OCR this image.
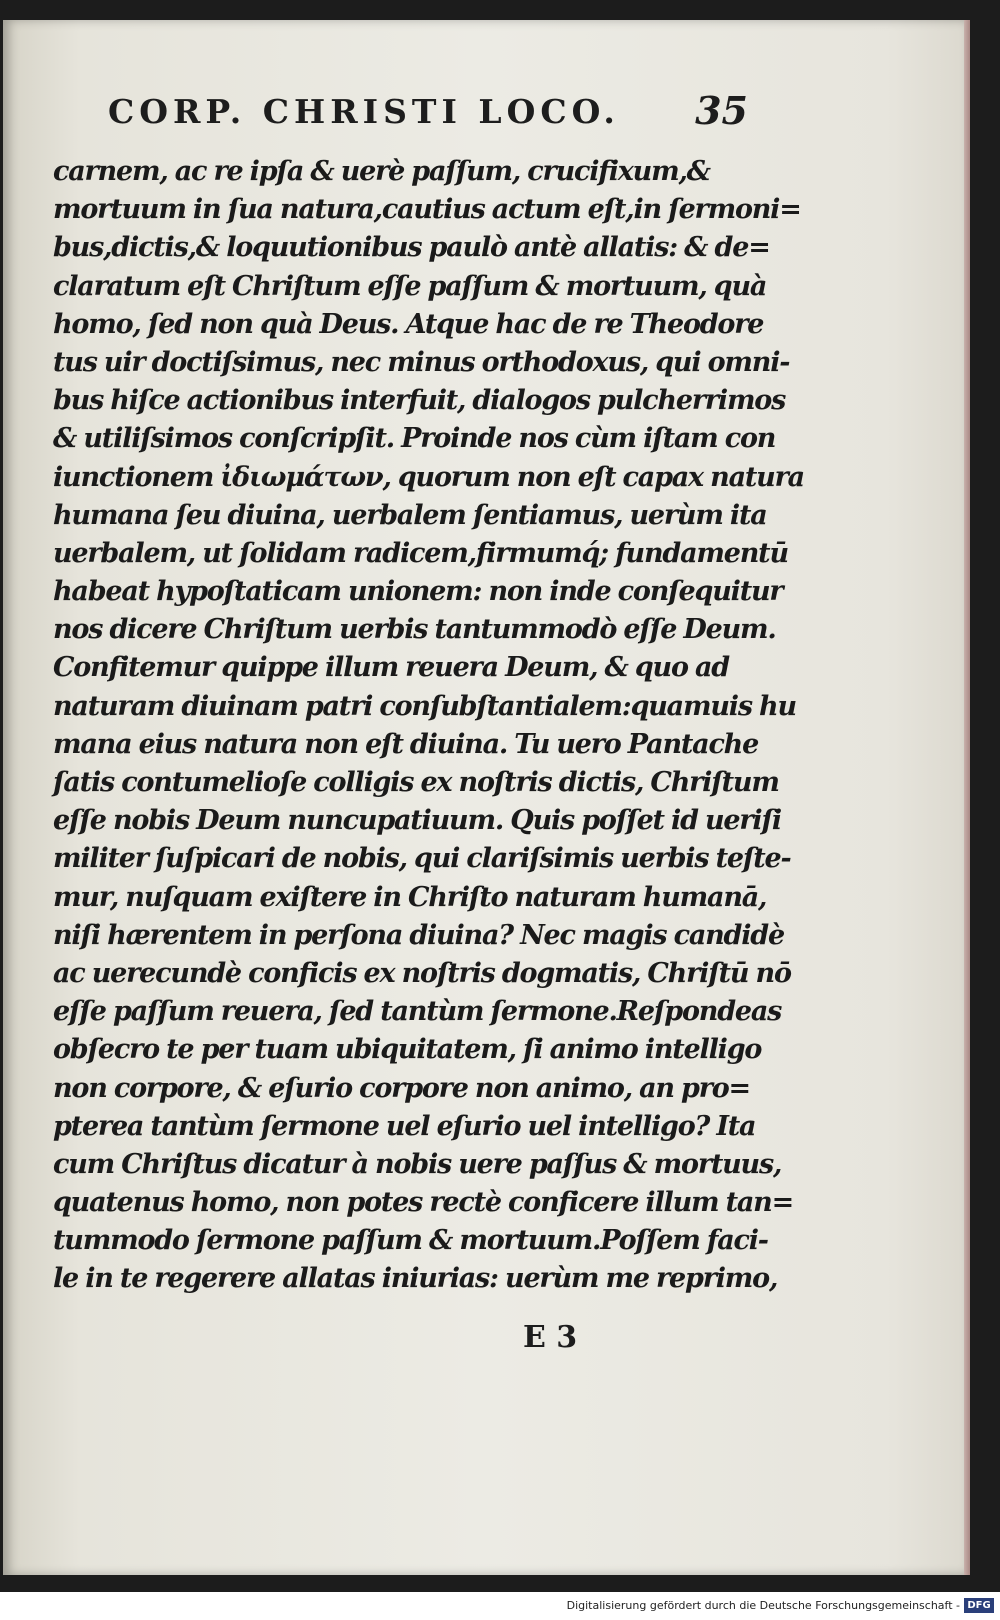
CORP. CHRISTI LOCO. 35
carnem, ac re ipſa & uerè paſſum, crucifixum,&
mortuum in ſua natura,cautius actum eſt,in ſermoni=
bus,dictis,& loquutionibus paulò antè allatis: & de=
claratum eſt Chriſtum eſſe paſſum & mortuum, quà
homo, ſed non quà Deus. Atque hac de re Theodore
tus uir doctiſsimus, nec minus orthodoxus, qui omni-
bus hiſce actionibus interfuit, dialogos pulcherrimos
& utiliſsimos conſcripſit. Proinde nos cùm iſtam con
iunctionem ἰδιωμάτων, quorum non eſt capax natura
humana ſeu diuina, uerbalem ſentiamus, uerùm ita
uerbalem, ut ſolidam radicem,firmumq́; fundamentū
habeat hypoſtaticam unionem: non inde conſequitur
nos dicere Chriſtum uerbis tantummodò eſſe Deum.
Confitemur quippe illum reuera Deum, & quo ad
naturam diuinam patri conſubſtantialem:quamuis hu
mana eius natura non eſt diuina. Tu uero Pantache
ſatis contumelioſe colligis ex noſtris dictis, Chriſtum
eſſe nobis Deum nuncupatiuum. Quis poſſet id ueriſi
militer ſuſpicari de nobis, qui clariſsimis uerbis teſte-
mur, nuſquam exiſtere in Chriſto naturam humanā,
niſi hærentem in perſona diuina? Nec magis candidè
ac uerecundè conficis ex noſtris dogmatis, Chriſtū nō
eſſe paſſum reuera, ſed tantùm ſermone.Reſpondeas
obſecro te per tuam ubiquitatem, ſi animo intelligo
non corpore, & eſurio corpore non animo, an pro=
pterea tantùm ſermone uel eſurio uel intelligo? Ita
cum Chriſtus dicatur à nobis uere paſſus & mortuus,
quatenus homo, non potes rectè conficere illum tan=
tummodo ſermone paſſum & mortuum.Poſſem faci-
le in te regerere allatas iniurias: uerùm me reprimo,
E 3
Digitalisierung gefördert durch die Deutsche Forschungsgemeinschaft - DFG
